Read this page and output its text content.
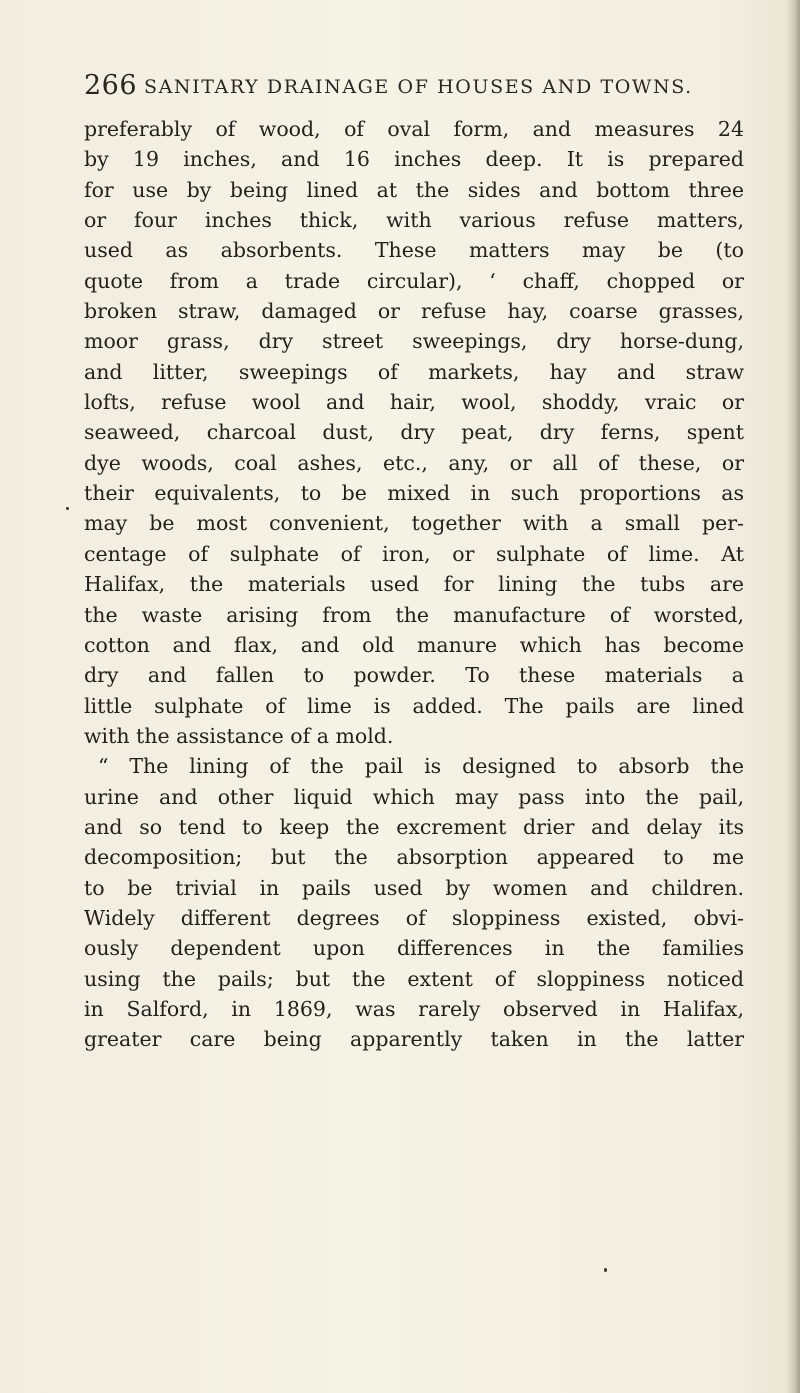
266 SANITARY DRAINAGE OF HOUSES AND TOWNS.
preferably of wood, of oval form, and measures 24
by 19 inches, and 16 inches deep. It is prepared
for use by being lined at the sides and bottom three
or four inches thick, with various refuse matters,
used as absorbents. These matters may be (to
quote from a trade circular), ‘ chaff, chopped or
broken straw, damaged or refuse hay, coarse grasses,
moor grass, dry street sweepings, dry horse-dung,
and litter, sweepings of markets, hay and straw
lofts, refuse wool and hair, wool, shoddy, vraic or
seaweed, charcoal dust, dry peat, dry ferns, spent
dye woods, coal ashes, etc., any, or all of these, or
their equivalents, to be mixed in such proportions as
may be most convenient, together with a small per-
centage of sulphate of iron, or sulphate of lime. At
Halifax, the materials used for lining the tubs are
the waste arising from the manufacture of worsted,
cotton and flax, and old manure which has become
dry and fallen to powder. To these materials a
little sulphate of lime is added. The pails are lined
with the assistance of a mold.
“ The lining of the pail is designed to absorb the
urine and other liquid which may pass into the pail,
and so tend to keep the excrement drier and delay its
decomposition; but the absorption appeared to me
to be trivial in pails used by women and children.
Widely different degrees of sloppiness existed, obvi-
ously dependent upon differences in the families
using the pails; but the extent of sloppiness noticed
in Salford, in 1869, was rarely observed in Halifax,
greater care being apparently taken in the latter
